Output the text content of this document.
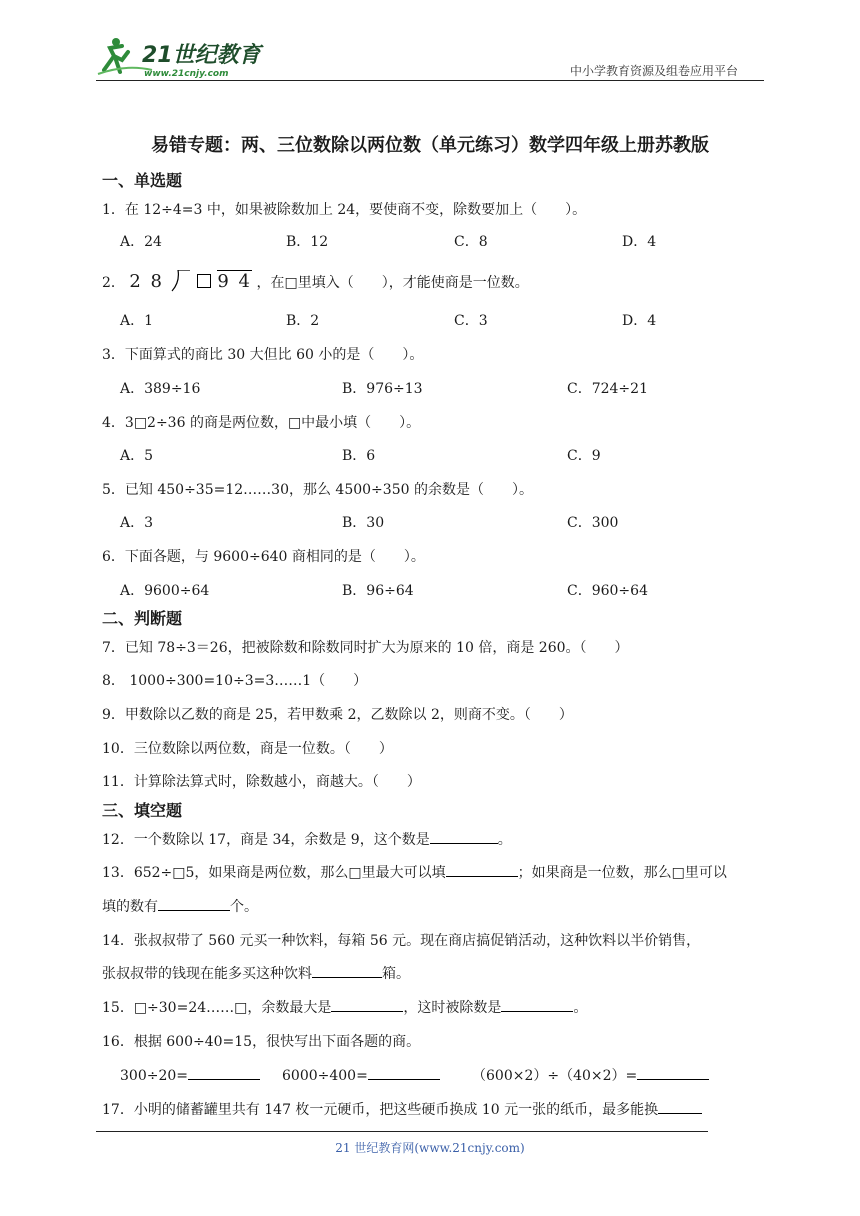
21世纪教育
www.21cnjy.com	中小学教育资源及组卷应用平台
易错专题：两、三位数除以两位数（单元练习）数学四年级上册苏教版
一、单选题
1．在 12÷4=3 中，如果被除数加上 24，要使商不变，除数要加上（　　）。
A．24	B．12	C．8	D．4
2． 2 8	9 4 ，在□里填入（　　），才能使商是一位数。
A．1	B．2	C．3	D．4
3．下面算式的商比 30 大但比 60 小的是（　　）。
A．389÷16	B．976÷13	C．724÷21
4．3□2÷36 的商是两位数，□中最小填（　　）。
A．5	B．6	C．9
5．已知 450÷35=12……30，那么 4500÷350 的余数是（　　）。
A．3	B．30	C．300
6．下面各题，与 9600÷640 商相同的是（　　）。
A．9600÷64	B．96÷64	C．960÷64
二、判断题
7．已知 78÷3＝26，把被除数和除数同时扩大为原来的 10 倍，商是 260。（　　）
8． 1000÷300=10÷3=3……1（　　）
9．甲数除以乙数的商是 25，若甲数乘 2，乙数除以 2，则商不变。（　　）
10．三位数除以两位数，商是一位数。（　　）
11．计算除法算式时，除数越小，商越大。（　　）
三、填空题
12．一个数除以 17，商是 34，余数是 9，这个数是	。
13．652÷□5，如果商是两位数，那么□里最大可以填	；如果商是一位数，那么□里可以
填的数有	个。
14．张叔叔带了 560 元买一种饮料，每箱 56 元。现在商店搞促销活动，这种饮料以半价销售，
张叔叔带的钱现在能多买这种饮料	箱。
15．□÷30=24……□，余数最大是	，这时被除数是	。
16．根据 600÷40=15，很快写出下面各题的商。
300÷20=	6000÷400=	（600×2）÷（40×2）=
17．小明的储蓄罐里共有 147 枚一元硬币，把这些硬币换成 10 元一张的纸币，最多能换
21 世纪教育网(www.21cnjy.com)
